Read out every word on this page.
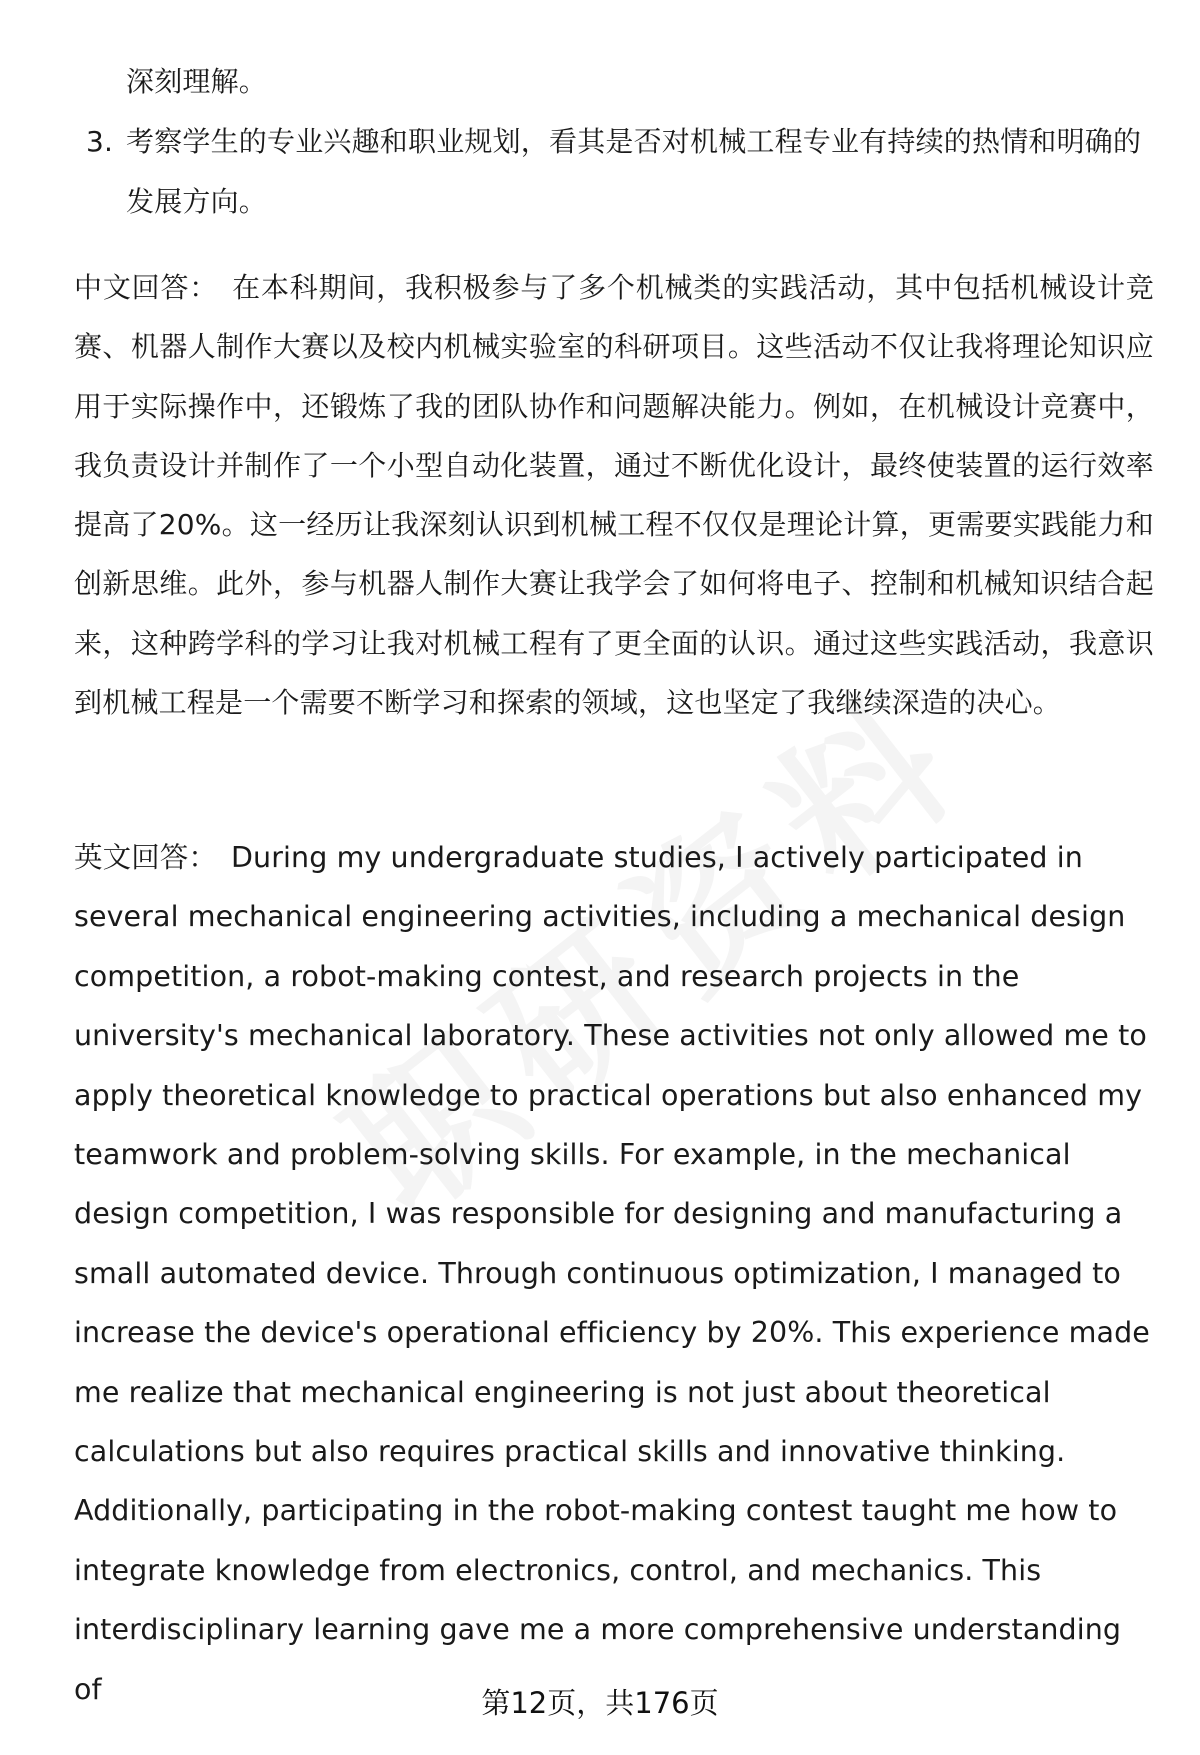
深刻理解。
3. 考察学生的专业兴趣和职业规划，看其是否对机械工程专业有持续的热情和明确的发展方向。
中文回答： 在本科期间，我积极参与了多个机械类的实践活动，其中包括机械设计竞赛、机器人制作大赛以及校内机械实验室的科研项目。这些活动不仅让我将理论知识应用于实际操作中，还锻炼了我的团队协作和问题解决能力。例如，在机械设计竞赛中，我负责设计并制作了一个小型自动化装置，通过不断优化设计，最终使装置的运行效率提高了20%。这一经历让我深刻认识到机械工程不仅仅是理论计算，更需要实践能力和创新思维。此外，参与机器人制作大赛让我学会了如何将电子、控制和机械知识结合起来，这种跨学科的学习让我对机械工程有了更全面的认识。通过这些实践活动，我意识到机械工程是一个需要不断学习和探索的领域，这也坚定了我继续深造的决心。
英文回答： During my undergraduate studies, I actively participated in several mechanical engineering activities, including a mechanical design competition, a robot-making contest, and research projects in the university's mechanical laboratory. These activities not only allowed me to apply theoretical knowledge to practical operations but also enhanced my teamwork and problem-solving skills. For example, in the mechanical design competition, I was responsible for designing and manufacturing a small automated device. Through continuous optimization, I managed to increase the device's operational efficiency by 20%. This experience made me realize that mechanical engineering is not just about theoretical calculations but also requires practical skills and innovative thinking. Additionally, participating in the robot-making contest taught me how to integrate knowledge from electronics, control, and mechanics. This interdisciplinary learning gave me a more comprehensive understanding of	第12页，共176页
